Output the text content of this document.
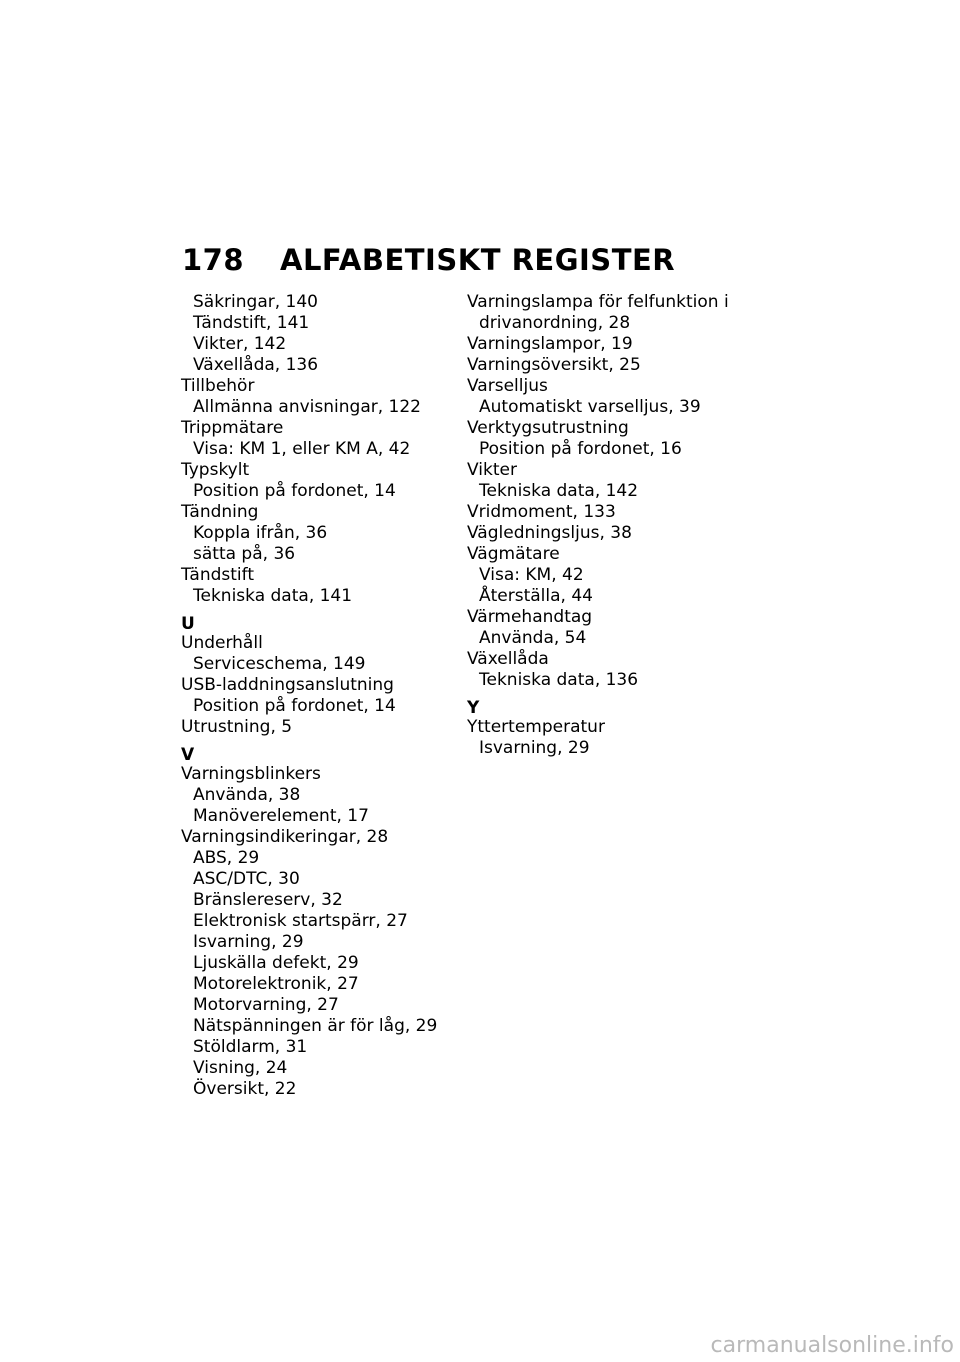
178	ALFABETISKT REGISTER
Säkringar, 140
Tändstift, 141
Vikter, 142
Växellåda, 136
Tillbehör
Allmänna anvisningar, 122
Trippmätare
Visa: KM 1, eller KM A, 42
Typskylt
Position på fordonet, 14
Tändning
Koppla ifrån, 36
sätta på, 36
Tändstift
Tekniska data, 141
U
Underhåll
Serviceschema, 149
USB-laddningsanslutning
Position på fordonet, 14
Utrustning, 5
V
Varningsblinkers
Använda, 38
Manöverelement, 17
Varningsindikeringar, 28
ABS, 29
ASC/DTC, 30
Bränslereserv, 32
Elektronisk startspärr, 27
Isvarning, 29
Ljuskälla defekt, 29
Motorelektronik, 27
Motorvarning, 27
Nätspänningen är för låg, 29
Stöldlarm, 31
Visning, 24
Översikt, 22
Varningslampa för felfunktion i
drivanordning, 28
Varningslampor, 19
Varningsöversikt, 25
Varselljus
Automatiskt varselljus, 39
Verktygsutrustning
Position på fordonet, 16
Vikter
Tekniska data, 142
Vridmoment, 133
Vägledningsljus, 38
Vägmätare
Visa: KM, 42
Återställa, 44
Värmehandtag
Använda, 54
Växellåda
Tekniska data, 136
Y
Yttertemperatur
Isvarning, 29
carmanualsonline.info
